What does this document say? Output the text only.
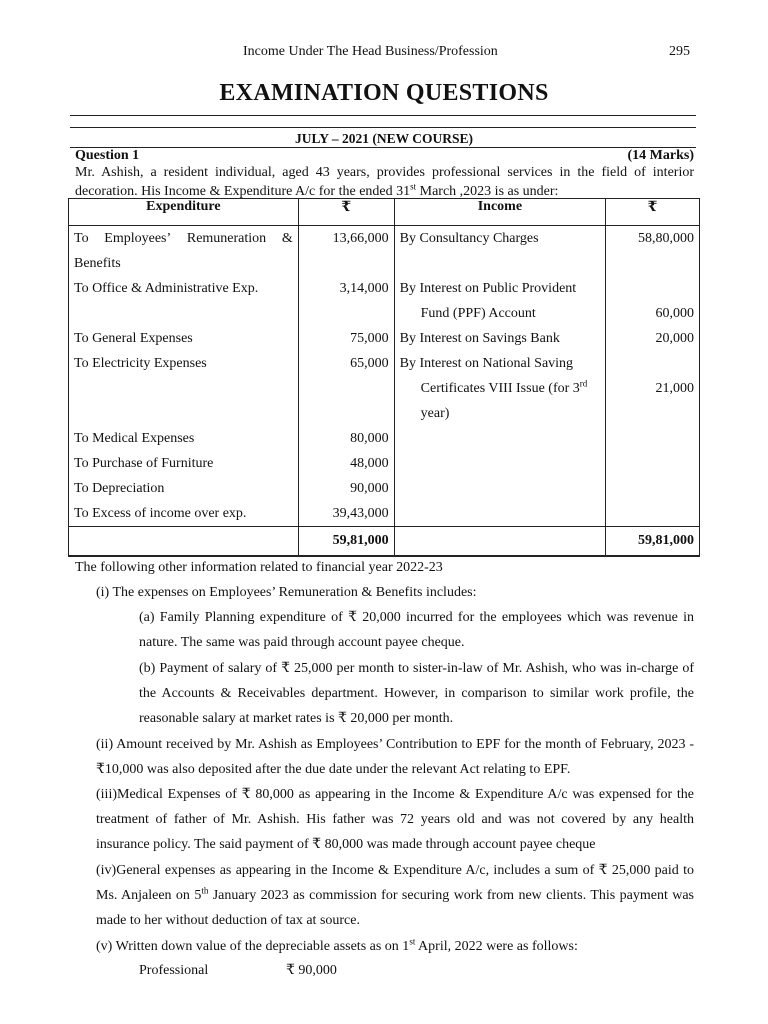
Income Under The Head Business/Profession	295
EXAMINATION QUESTIONS
JULY – 2021 (NEW COURSE)
Question 1	(14 Marks)
Mr. Ashish, a resident individual, aged 43 years, provides professional services in the field of interior decoration. His Income & Expenditure A/c for the ended 31st March ,2023 is as under:
Expenditure	₹	Income	₹

To Employees’ Remuneration &	13,66,000	By Consultancy Charges	58,80,000
Benefits			
To Office & Administrative Exp.	3,14,000	By Interest on Public Provident	
		Fund (PPF) Account	60,000
To General Expenses	75,000	By Interest on Savings Bank	20,000
To Electricity Expenses	65,000	By Interest on National Saving	
		Certificates VIII Issue (for 3rd	21,000
		year)	
To Medical Expenses	80,000		
To Purchase of Furniture	48,000		
To Depreciation	90,000		
To Excess of income over exp.	39,43,000		
	59,81,000		59,81,000
The following other information related to financial year 2022-23
(i) The expenses on Employees’ Remuneration & Benefits includes:
(a) Family Planning expenditure of ₹ 20,000 incurred for the employees which was revenue in nature. The same was paid through account payee cheque.
(b) Payment of salary of ₹ 25,000 per month to sister-in-law of Mr. Ashish, who was in-charge of the Accounts & Receivables department. However, in comparison to similar work profile, the reasonable salary at market rates is ₹ 20,000 per month.
(ii) Amount received by Mr. Ashish as Employees’ Contribution to EPF for the month of February, 2023 - ₹10,000 was also deposited after the due date under the relevant Act relating to EPF.
(iii)Medical Expenses of ₹ 80,000 as appearing in the Income & Expenditure A/c was expensed for the treatment of father of Mr. Ashish. His father was 72 years old and was not covered by any health insurance policy. The said payment of ₹ 80,000 was made through account payee cheque
(iv)General expenses as appearing in the Income & Expenditure A/c, includes a sum of ₹ 25,000 paid to Ms. Anjaleen on 5th January 2023 as commission for securing work from new clients. This payment was made to her without deduction of tax at source.
(v) Written down value of the depreciable assets as on 1st April, 2022 were as follows:
Professional	₹ 90,000
